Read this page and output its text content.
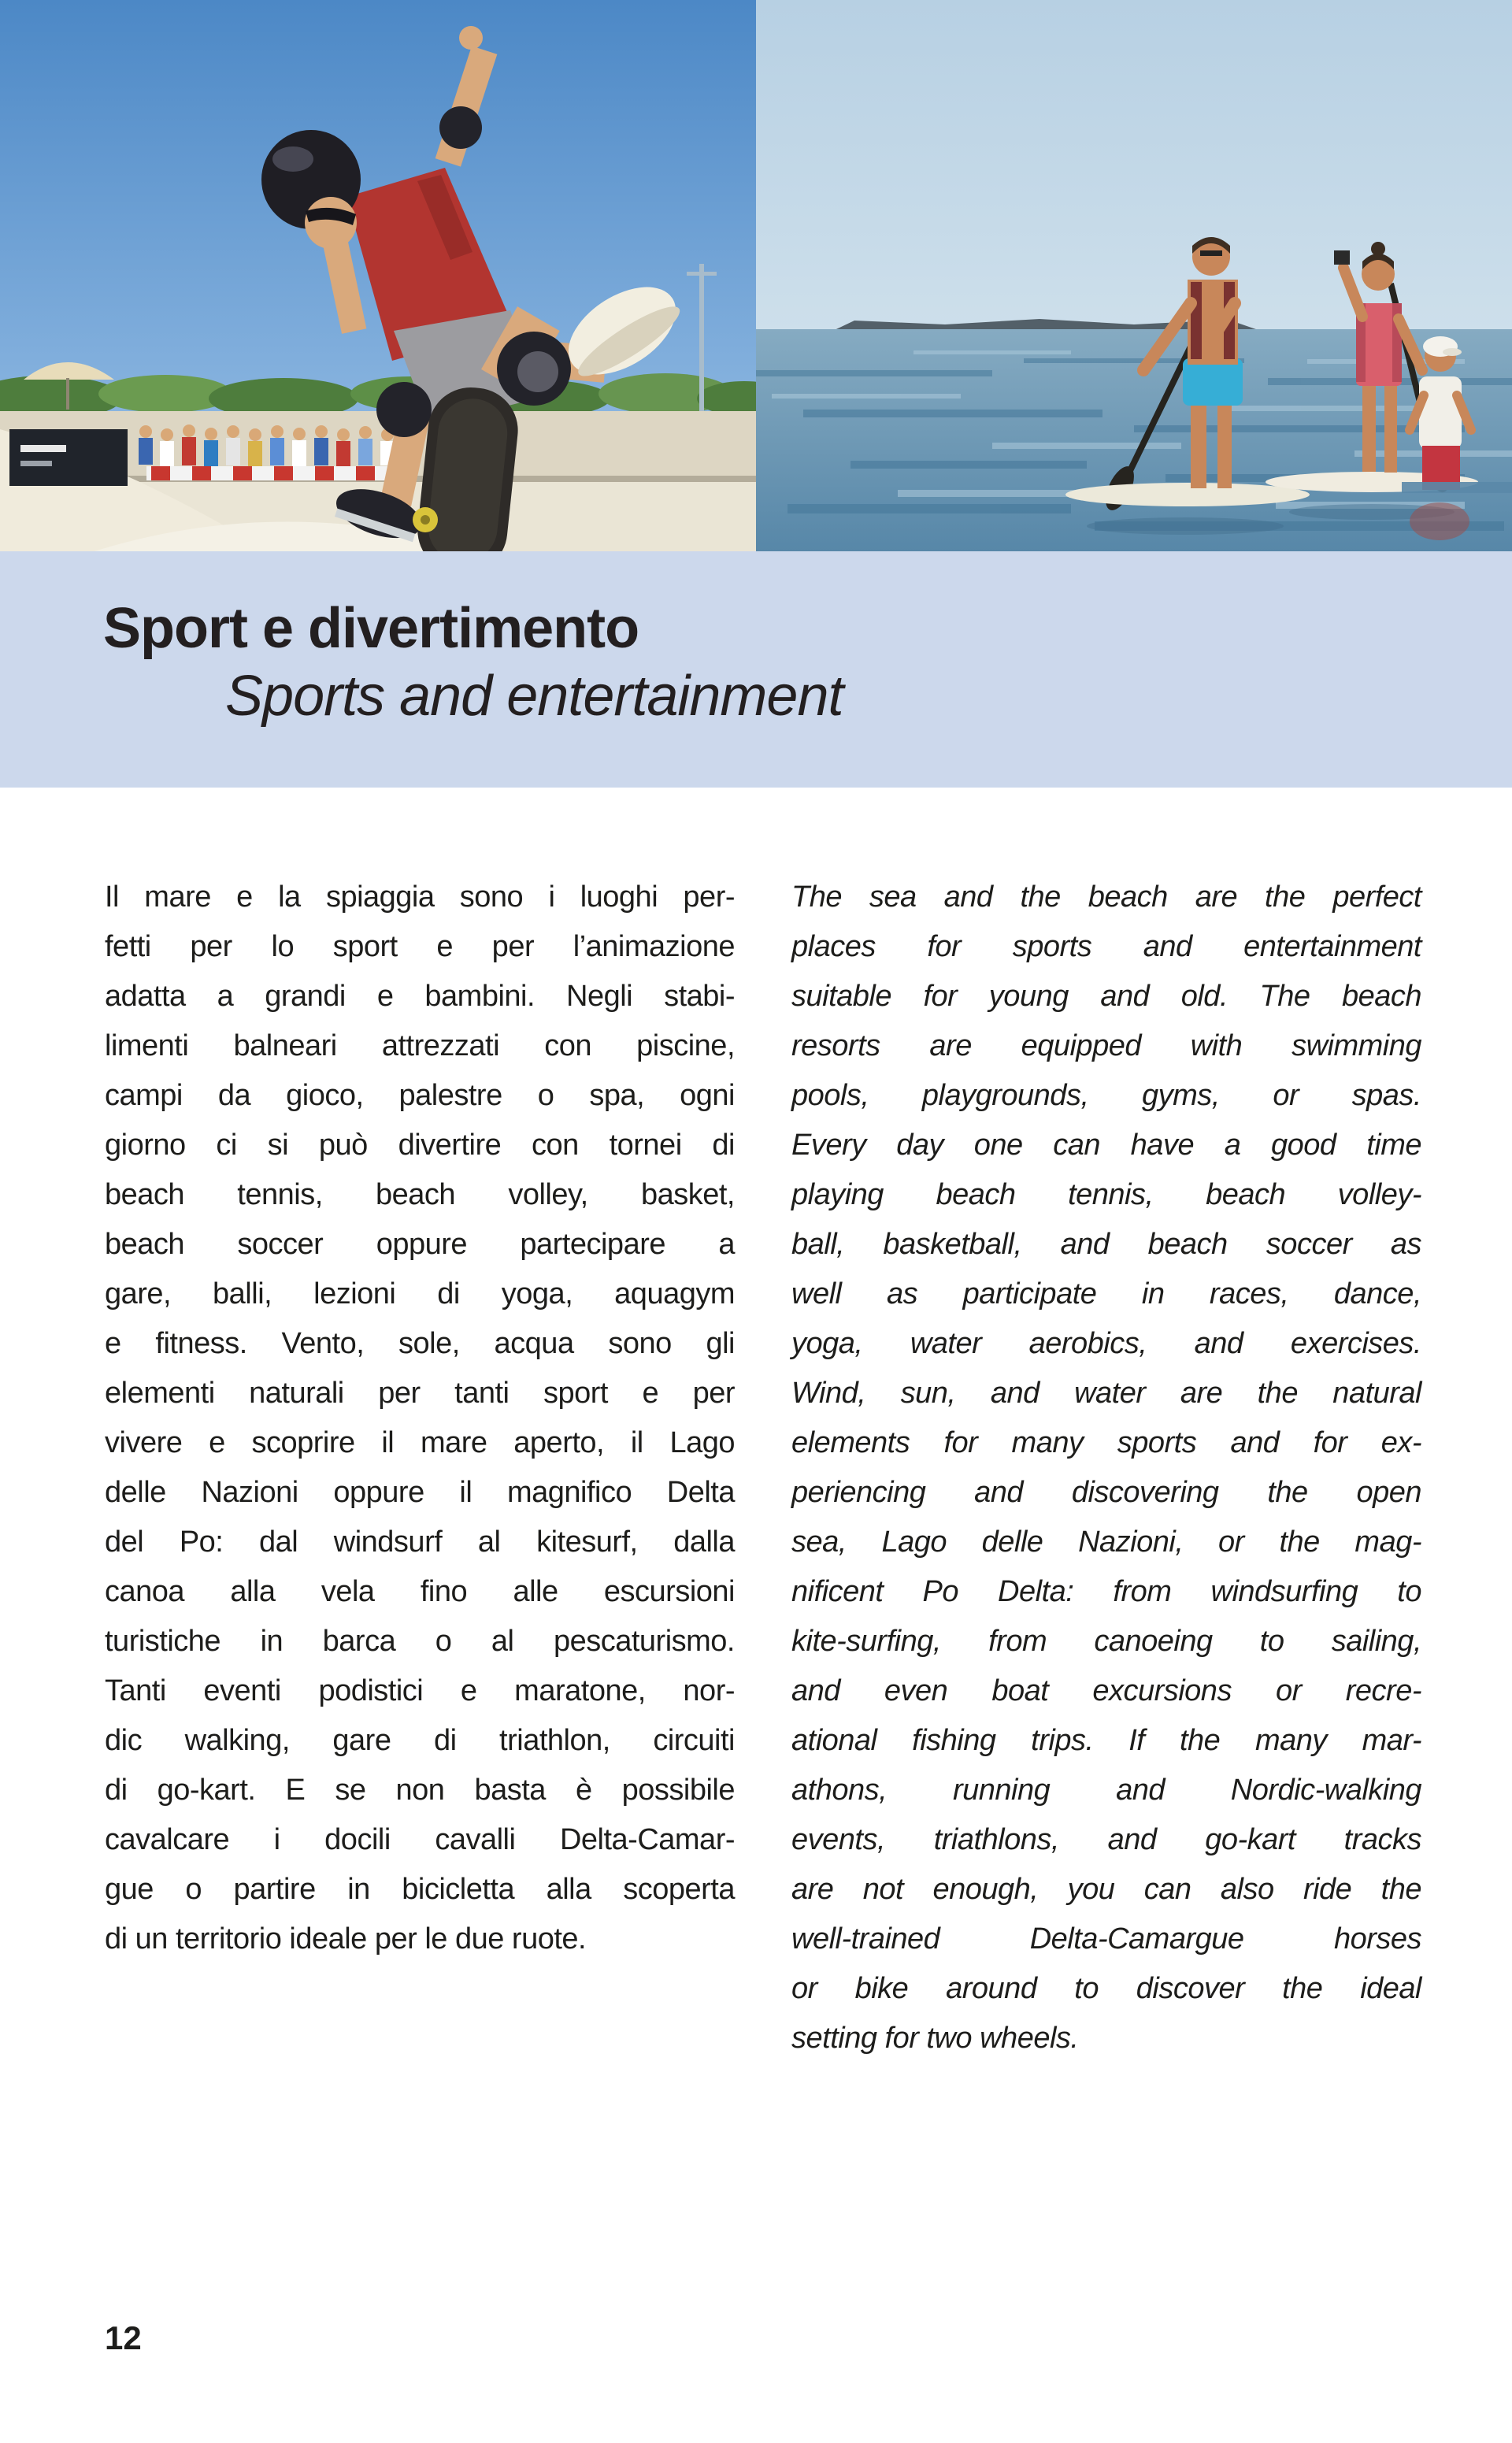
Sport e divertimento
Sports and entertainment
Il mare e la spiaggia sono i luoghi per-
fetti per lo sport e per l’animazione
adatta a grandi e bambini. Negli stabi-
limenti balneari attrezzati con piscine,
campi da gioco, palestre o spa, ogni
giorno ci si può divertire con tornei di
beach tennis, beach volley, basket,
beach soccer oppure partecipare a
gare, balli, lezioni di yoga, aquagym
e fitness. Vento, sole, acqua sono gli
elementi naturali per tanti sport e per
vivere e scoprire il mare aperto, il Lago
delle Nazioni oppure il magnifico Delta
del Po: dal windsurf al kitesurf, dalla
canoa alla vela fino alle escursioni
turistiche in barca o al pescaturismo.
Tanti eventi podistici e maratone, nor-
dic walking, gare di triathlon, circuiti
di go-kart. E se non basta è possibile
cavalcare i docili cavalli Delta-Camar-
gue o partire in bicicletta alla scoperta
di un territorio ideale per le due ruote.
The sea and the beach are the perfect
places for sports and entertainment
suitable for young and old. The beach
resorts are equipped with swimming
pools, playgrounds, gyms, or spas.
Every day one can have a good time
playing beach tennis, beach volley-
ball, basketball, and beach soccer as
well as participate in races, dance,
yoga, water aerobics, and exercises.
Wind, sun, and water are the natural
elements for many sports and for ex-
periencing and discovering the open
sea, Lago delle Nazioni, or the mag-
nificent Po Delta: from windsurfing to
kite-surfing, from canoeing to sailing,
and even boat excursions or recre-
ational fishing trips. If the many mar-
athons, running and Nordic-walking
events, triathlons, and go-kart tracks
are not enough, you can also ride the
well-trained Delta-Camargue horses
or bike around to discover the ideal
setting for two wheels.
12
